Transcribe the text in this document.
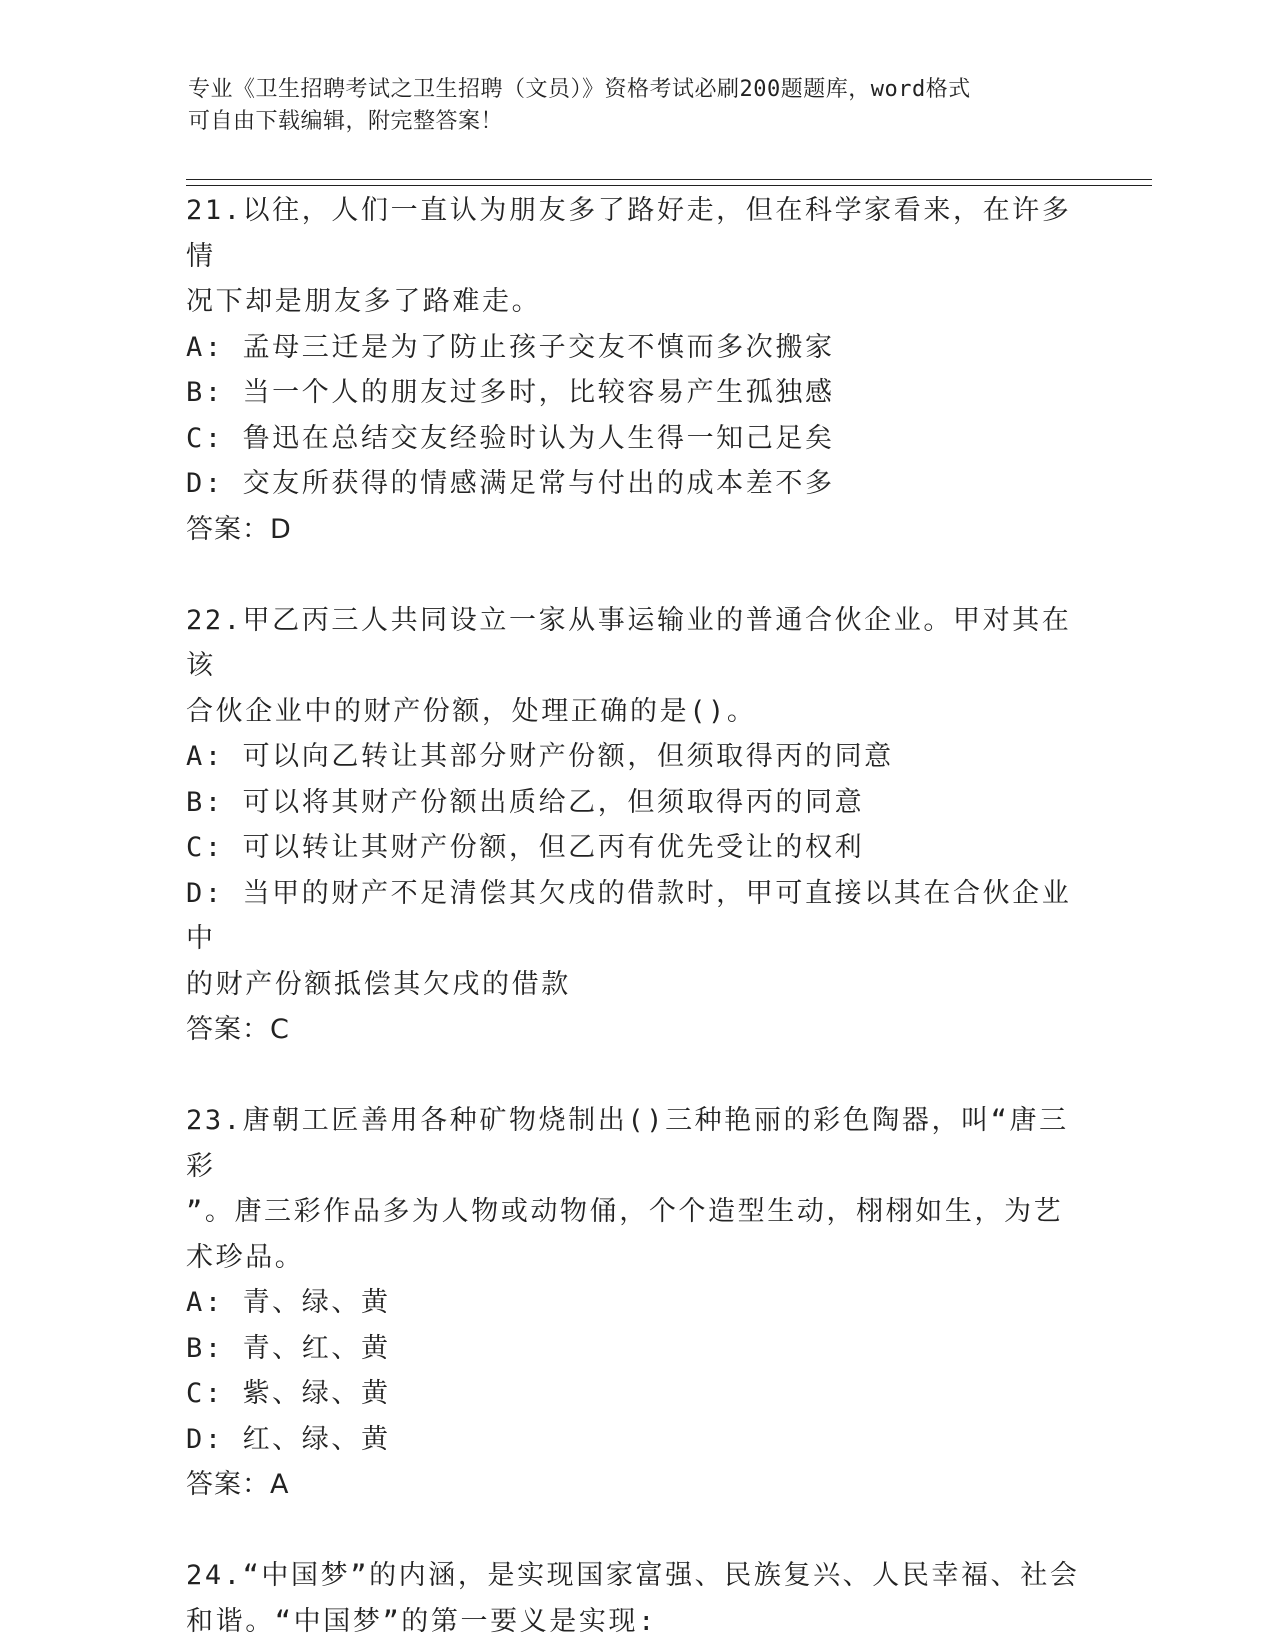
专业《卫生招聘考试之卫生招聘（文员）》资格考试必刷200题题库，word格式
可自由下载编辑，附完整答案！
21.以往，人们一直认为朋友多了路好走，但在科学家看来，在许多情
况下却是朋友多了路难走。
A: 孟母三迁是为了防止孩子交友不慎而多次搬家
B: 当一个人的朋友过多时，比较容易产生孤独感
C: 鲁迅在总结交友经验时认为人生得一知己足矣
D: 交友所获得的情感满足常与付出的成本差不多
答案：D
22.甲乙丙三人共同设立一家从事运输业的普通合伙企业。甲对其在该
合伙企业中的财产份额，处理正确的是()。
A: 可以向乙转让其部分财产份额，但须取得丙的同意
B: 可以将其财产份额出质给乙，但须取得丙的同意
C: 可以转让其财产份额，但乙丙有优先受让的权利
D: 当甲的财产不足清偿其欠戌的借款时，甲可直接以其在合伙企业中
的财产份额抵偿其欠戌的借款
答案：C
23.唐朝工匠善用各种矿物烧制出()三种艳丽的彩色陶器，叫“唐三彩
”。唐三彩作品多为人物或动物俑，个个造型生动，栩栩如生，为艺
术珍品。
A: 青、绿、黄
B: 青、红、黄
C: 紫、绿、黄
D: 红、绿、黄
答案：A
24.“中国梦”的内涵，是实现国家富强、民族复兴、人民幸福、社会
和谐。“中国梦”的第一要义是实现:
